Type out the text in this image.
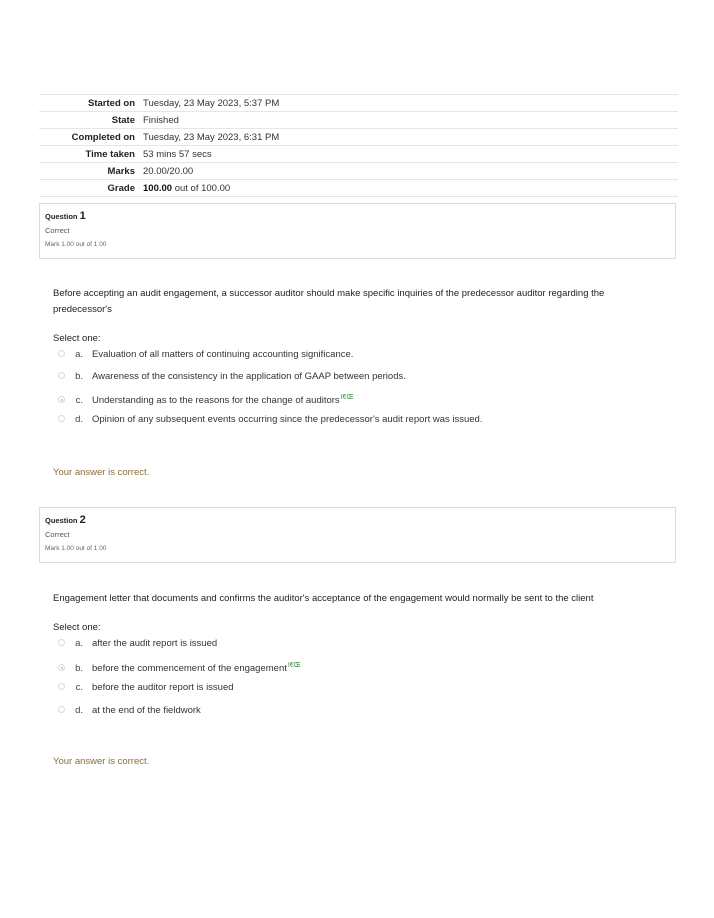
Started on	Tuesday, 23 May 2023, 5:37 PM
State	Finished
Completed on	Tuesday, 23 May 2023, 6:31 PM
Time taken	53 mins 57 secs
Marks	20.00/20.00
Grade	100.00 out of 100.00
Question 1
Correct
Mark 1.00 out of 1.00
Before accepting an audit engagement, a successor auditor should make specific inquiries of the predecessor auditor regarding the predecessor's
Select one:
a. Evaluation of all matters of continuing accounting significance.
b. Awareness of the consistency in the application of GAAP between periods.
c. Understanding as to the reasons for the change of auditors$^{ï€Œ}$
d. Opinion of any subsequent events occurring since the predecessor's audit report was issued.
Your answer is correct.
Question 2
Correct
Mark 1.00 out of 1.00
Engagement letter that documents and confirms the auditor's acceptance of the engagement would normally be sent to the client
Select one:
a. after the audit report is issued
b. before the commencement of the engagement$^{ï€Œ}$
c. before the auditor report is issued
d. at the end of the fieldwork
Your answer is correct.
